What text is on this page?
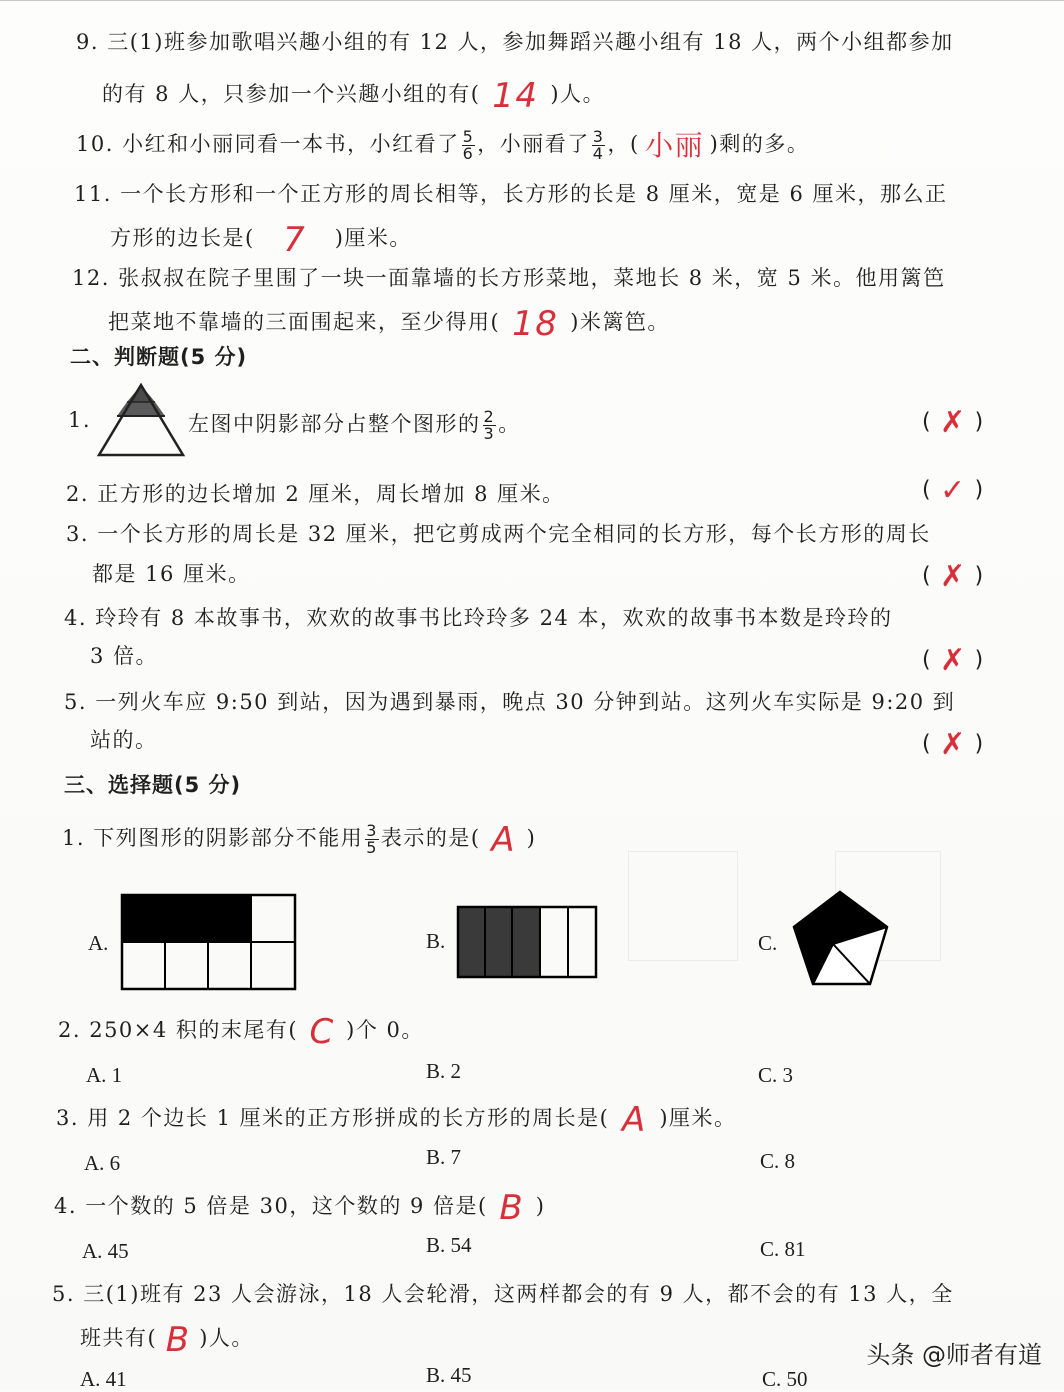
9. 三(1)班参加歌唱兴趣小组的有 12 人，参加舞蹈兴趣小组有 18 人，两个小组都参加
的有 8 人，只参加一个兴趣小组的有( 14 )人。
10. 小红和小丽同看一本书，小红看了 $\frac{5}{6}$ ，小丽看了 $\frac{3}{4}$ ，( 小丽 )剩的多。
11. 一个长方形和一个正方形的周长相等，长方形的长是 8 厘米，宽是 6 厘米，那么正
方形的边长是( 7 )厘米。
12. 张叔叔在院子里围了一块一面靠墙的长方形菜地，菜地长 8 米，宽 5 米。他用篱笆
把菜地不靠墙的三面围起来，至少得用( 18 )米篱笆。
二、判断题(5 分)
1.	左图中阴影部分占整个图形的 $\frac{2}{3}$ 。	( ✗ )
2. 正方形的边长增加 2 厘米，周长增加 8 厘米。	( ✓ )
3. 一个长方形的周长是 32 厘米，把它剪成两个完全相同的长方形，每个长方形的周长
都是 16 厘米。	( ✗ )
4. 玲玲有 8 本故事书，欢欢的故事书比玲玲多 24 本，欢欢的故事书本数是玲玲的
3 倍。	( ✗ )
5. 一列火车应 9:50 到站，因为遇到暴雨，晚点 30 分钟到站。这列火车实际是 9:20 到
站的。	( ✗ )
三、选择题(5 分)
1. 下列图形的阴影部分不能用 $\frac{3}{5}$ 表示的是( A )
A.	B.	C.
2. 250×4 积的末尾有( C )个 0。
A. 1	B. 2	C. 3
3. 用 2 个边长 1 厘米的正方形拼成的长方形的周长是( A )厘米。
A. 6	B. 7	C. 8
4. 一个数的 5 倍是 30，这个数的 9 倍是( B )
A. 45	B. 54	C. 81
5. 三(1)班有 23 人会游泳，18 人会轮滑，这两样都会的有 9 人，都不会的有 13 人，全
班共有( B )人。
A. 41	B. 45	C. 50
头条 @师者有道
